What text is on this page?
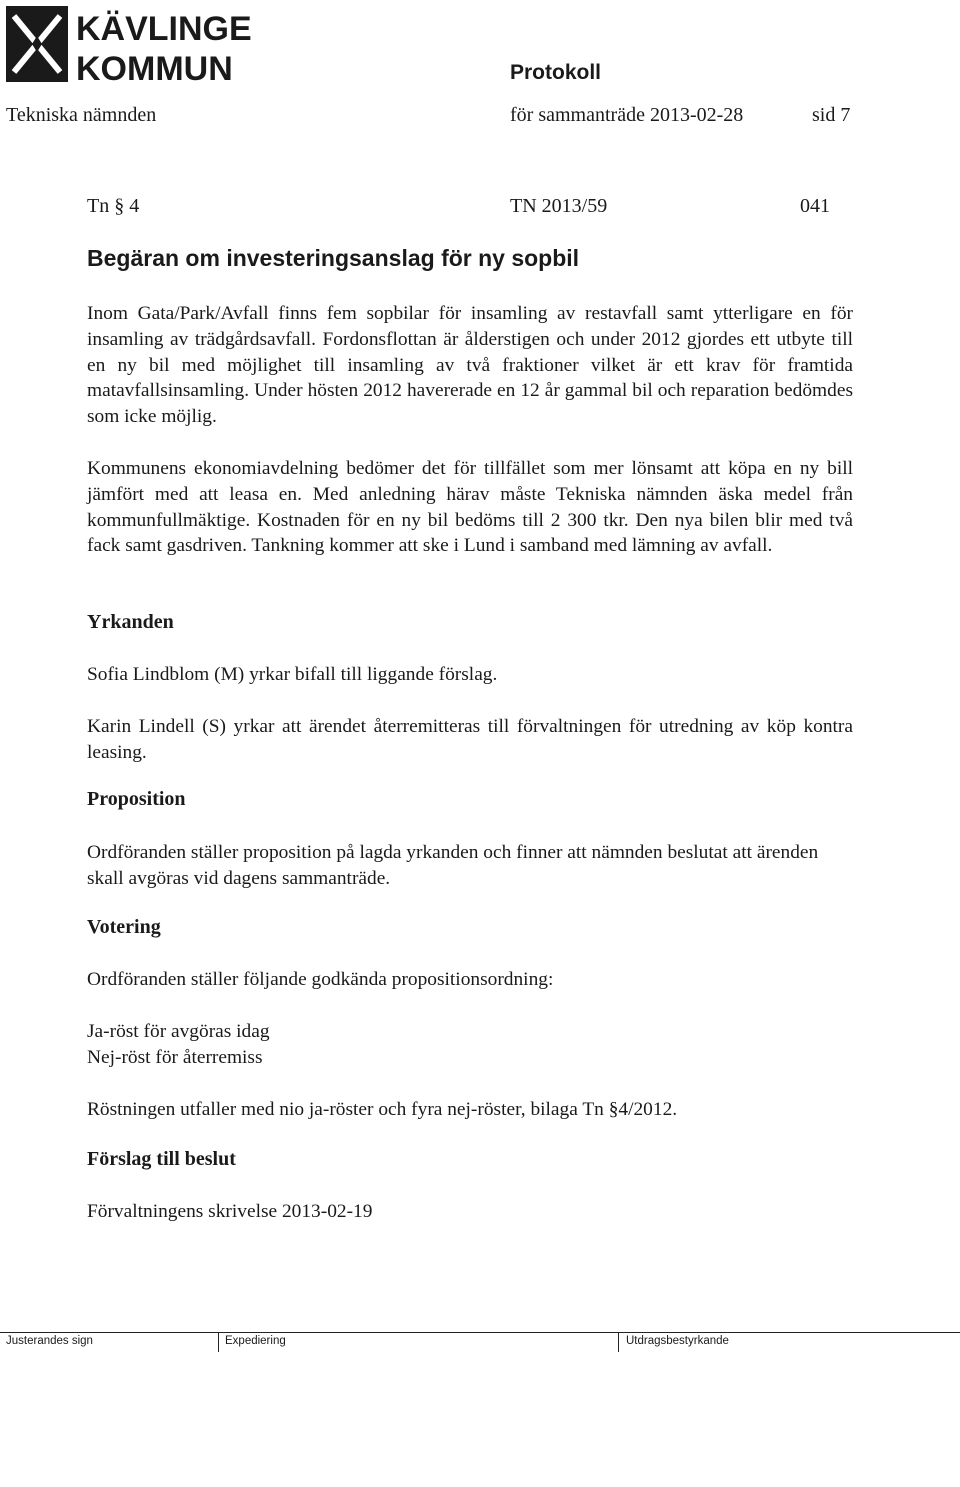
KÄVLINGE
KOMMUN	Protokoll
Tekniska nämnden	för sammanträde 2013-02-28	sid 7
Tn § 4	TN 2013/59	041
Begäran om investeringsanslag för ny sopbil
Inom Gata/Park/Avfall finns fem sopbilar för insamling av restavfall samt ytterligare en för insamling av trädgårdsavfall. Fordonsflottan är ålderstigen och under 2012 gjordes ett utbyte till en ny bil med möjlighet till insamling av två fraktioner vilket är ett krav för framtida matavfallsinsamling. Under hösten 2012 havererade en 12 år gammal bil och reparation bedömdes som icke möjlig.
Kommunens ekonomiavdelning bedömer det för tillfället som mer lönsamt att köpa en ny bill jämfört med att leasa en. Med anledning härav måste Tekniska nämnden äska medel från kommunfullmäktige. Kostnaden för en ny bil bedöms till 2 300 tkr. Den nya bilen blir med två fack samt gasdriven. Tankning kommer att ske i Lund i samband med lämning av avfall.
Yrkanden
Sofia Lindblom (M) yrkar bifall till liggande förslag.
Karin Lindell (S) yrkar att ärendet återremitteras till förvaltningen för utredning av köp kontra leasing.
Proposition
Ordföranden ställer proposition på lagda yrkanden och finner att nämnden beslutat att ärenden skall avgöras vid dagens sammanträde.
Votering
Ordföranden ställer följande godkända propositionsordning:
Ja-röst för avgöras idag
Nej-röst för återremiss
Röstningen utfaller med nio ja-röster och fyra nej-röster, bilaga Tn §4/2012.
Förslag till beslut
Förvaltningens skrivelse 2013-02-19
Justerandes sign	Expediering	Utdragsbestyrkande
